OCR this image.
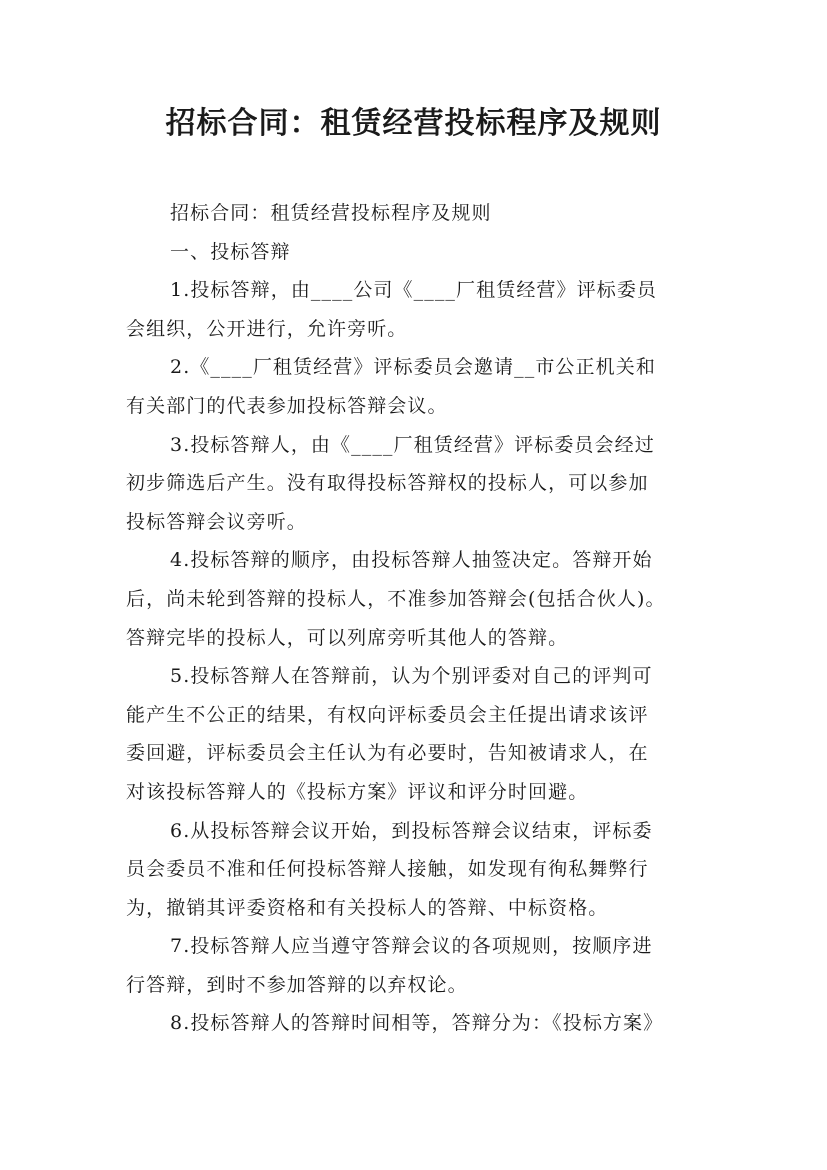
招标合同：租赁经营投标程序及规则
招标合同：租赁经营投标程序及规则
一、投标答辩
1.投标答辩，由____公司《____厂租赁经营》评标委员
会组织，公开进行，允许旁听。
2.《____厂租赁经营》评标委员会邀请__市公正机关和
有关部门的代表参加投标答辩会议。
3.投标答辩人，由《____厂租赁经营》评标委员会经过
初步筛选后产生。没有取得投标答辩权的投标人，可以参加
投标答辩会议旁听。
4.投标答辩的顺序，由投标答辩人抽签决定。答辩开始
后，尚未轮到答辩的投标人，不准参加答辩会(包括合伙人)。
答辩完毕的投标人，可以列席旁听其他人的答辩。
5.投标答辩人在答辩前，认为个别评委对自己的评判可
能产生不公正的结果，有权向评标委员会主任提出请求该评
委回避，评标委员会主任认为有必要时，告知被请求人，在
对该投标答辩人的《投标方案》评议和评分时回避。
6.从投标答辩会议开始，到投标答辩会议结束，评标委
员会委员不准和任何投标答辩人接触，如发现有徇私舞弊行
为，撤销其评委资格和有关投标人的答辩、中标资格。
7.投标答辩人应当遵守答辩会议的各项规则，按顺序进
行答辩，到时不参加答辩的以弃权论。
8.投标答辩人的答辩时间相等，答辩分为：《投标方案》
